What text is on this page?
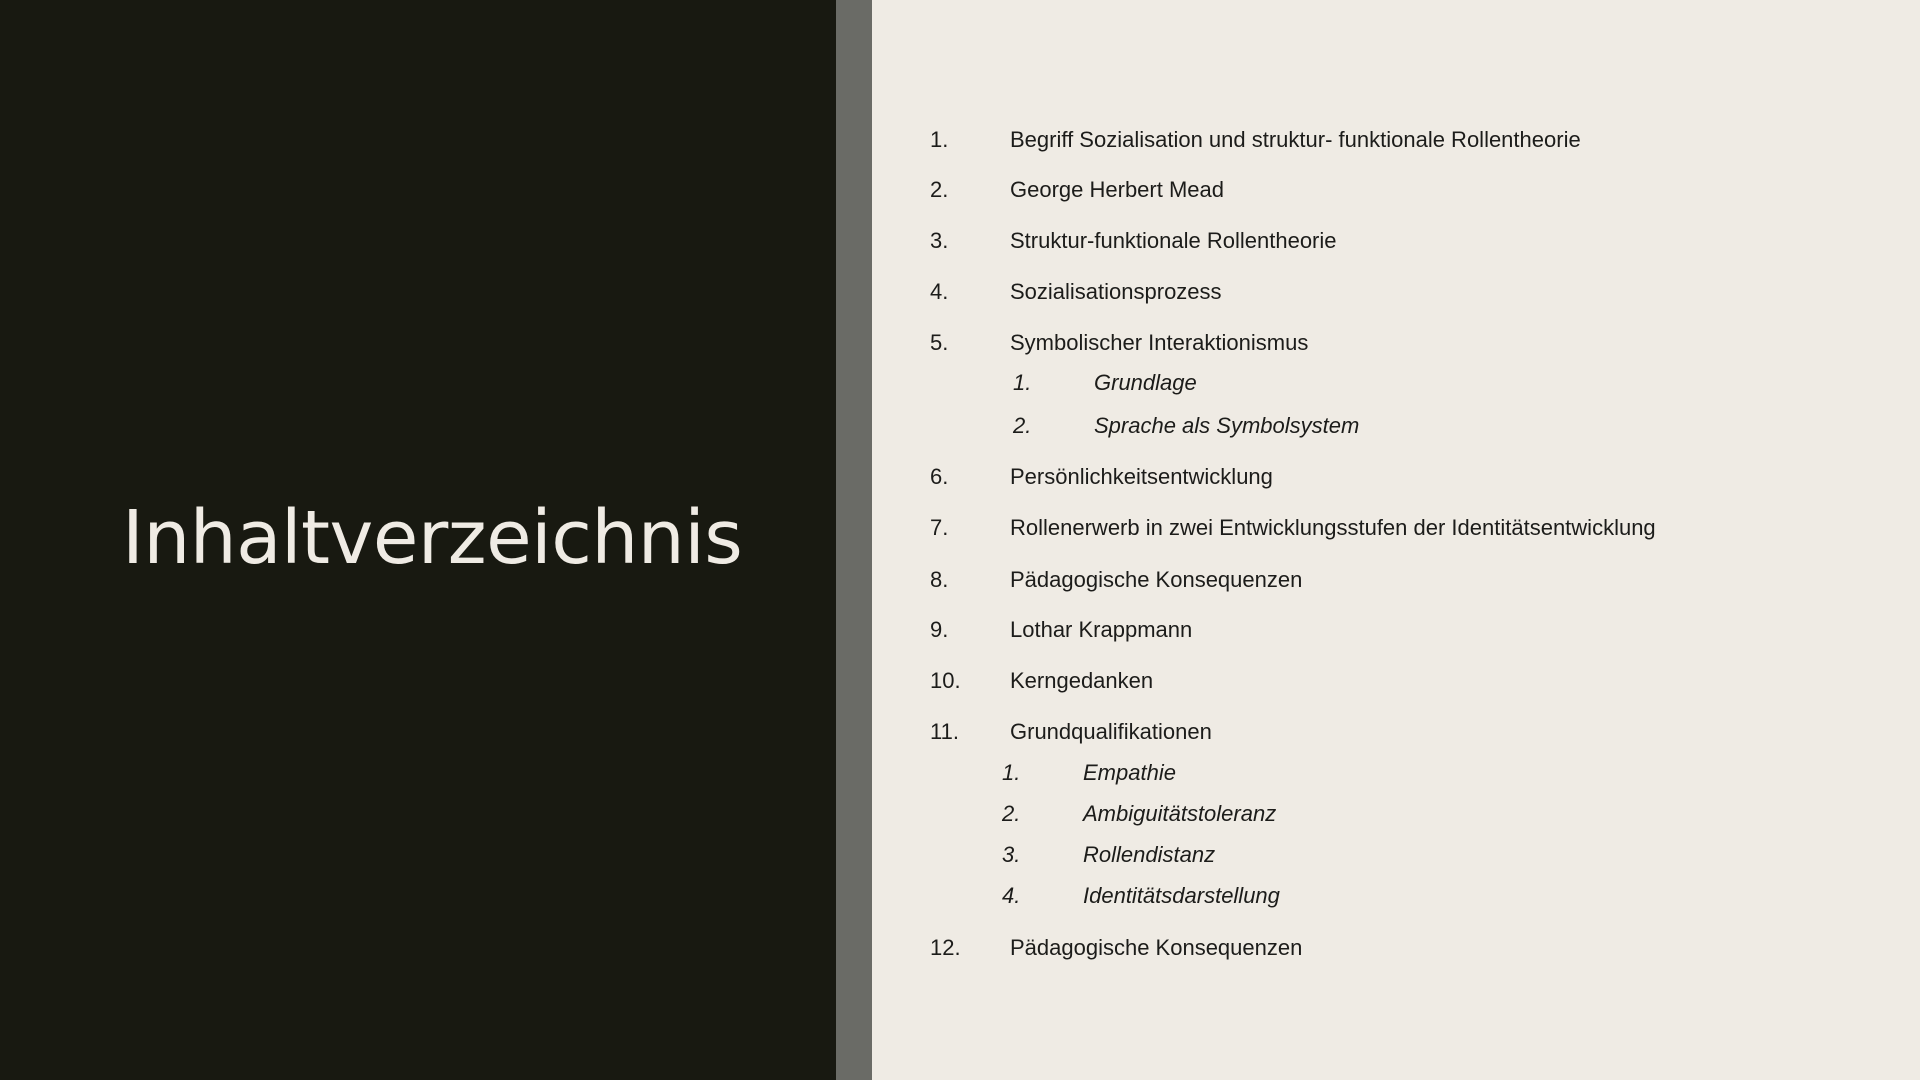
Inhaltverzeichnis
1.	Begriff Sozialisation und struktur- funktionale Rollentheorie
2.	George Herbert Mead
3.	Struktur-funktionale Rollentheorie
4.	Sozialisationsprozess
5.	Symbolischer Interaktionismus
1.	Grundlage
2.	Sprache als Symbolsystem
6.	Persönlichkeitsentwicklung
7.	Rollenerwerb in zwei Entwicklungsstufen der Identitätsentwicklung
8.	Pädagogische Konsequenzen
9.	Lothar Krappmann
10. Kerngedanken
11. Grundqualifikationen
1.	Empathie
2.	Ambiguitätstoleranz
3.	Rollendistanz
4.	Identitätsdarstellung
12. Pädagogische Konsequenzen
